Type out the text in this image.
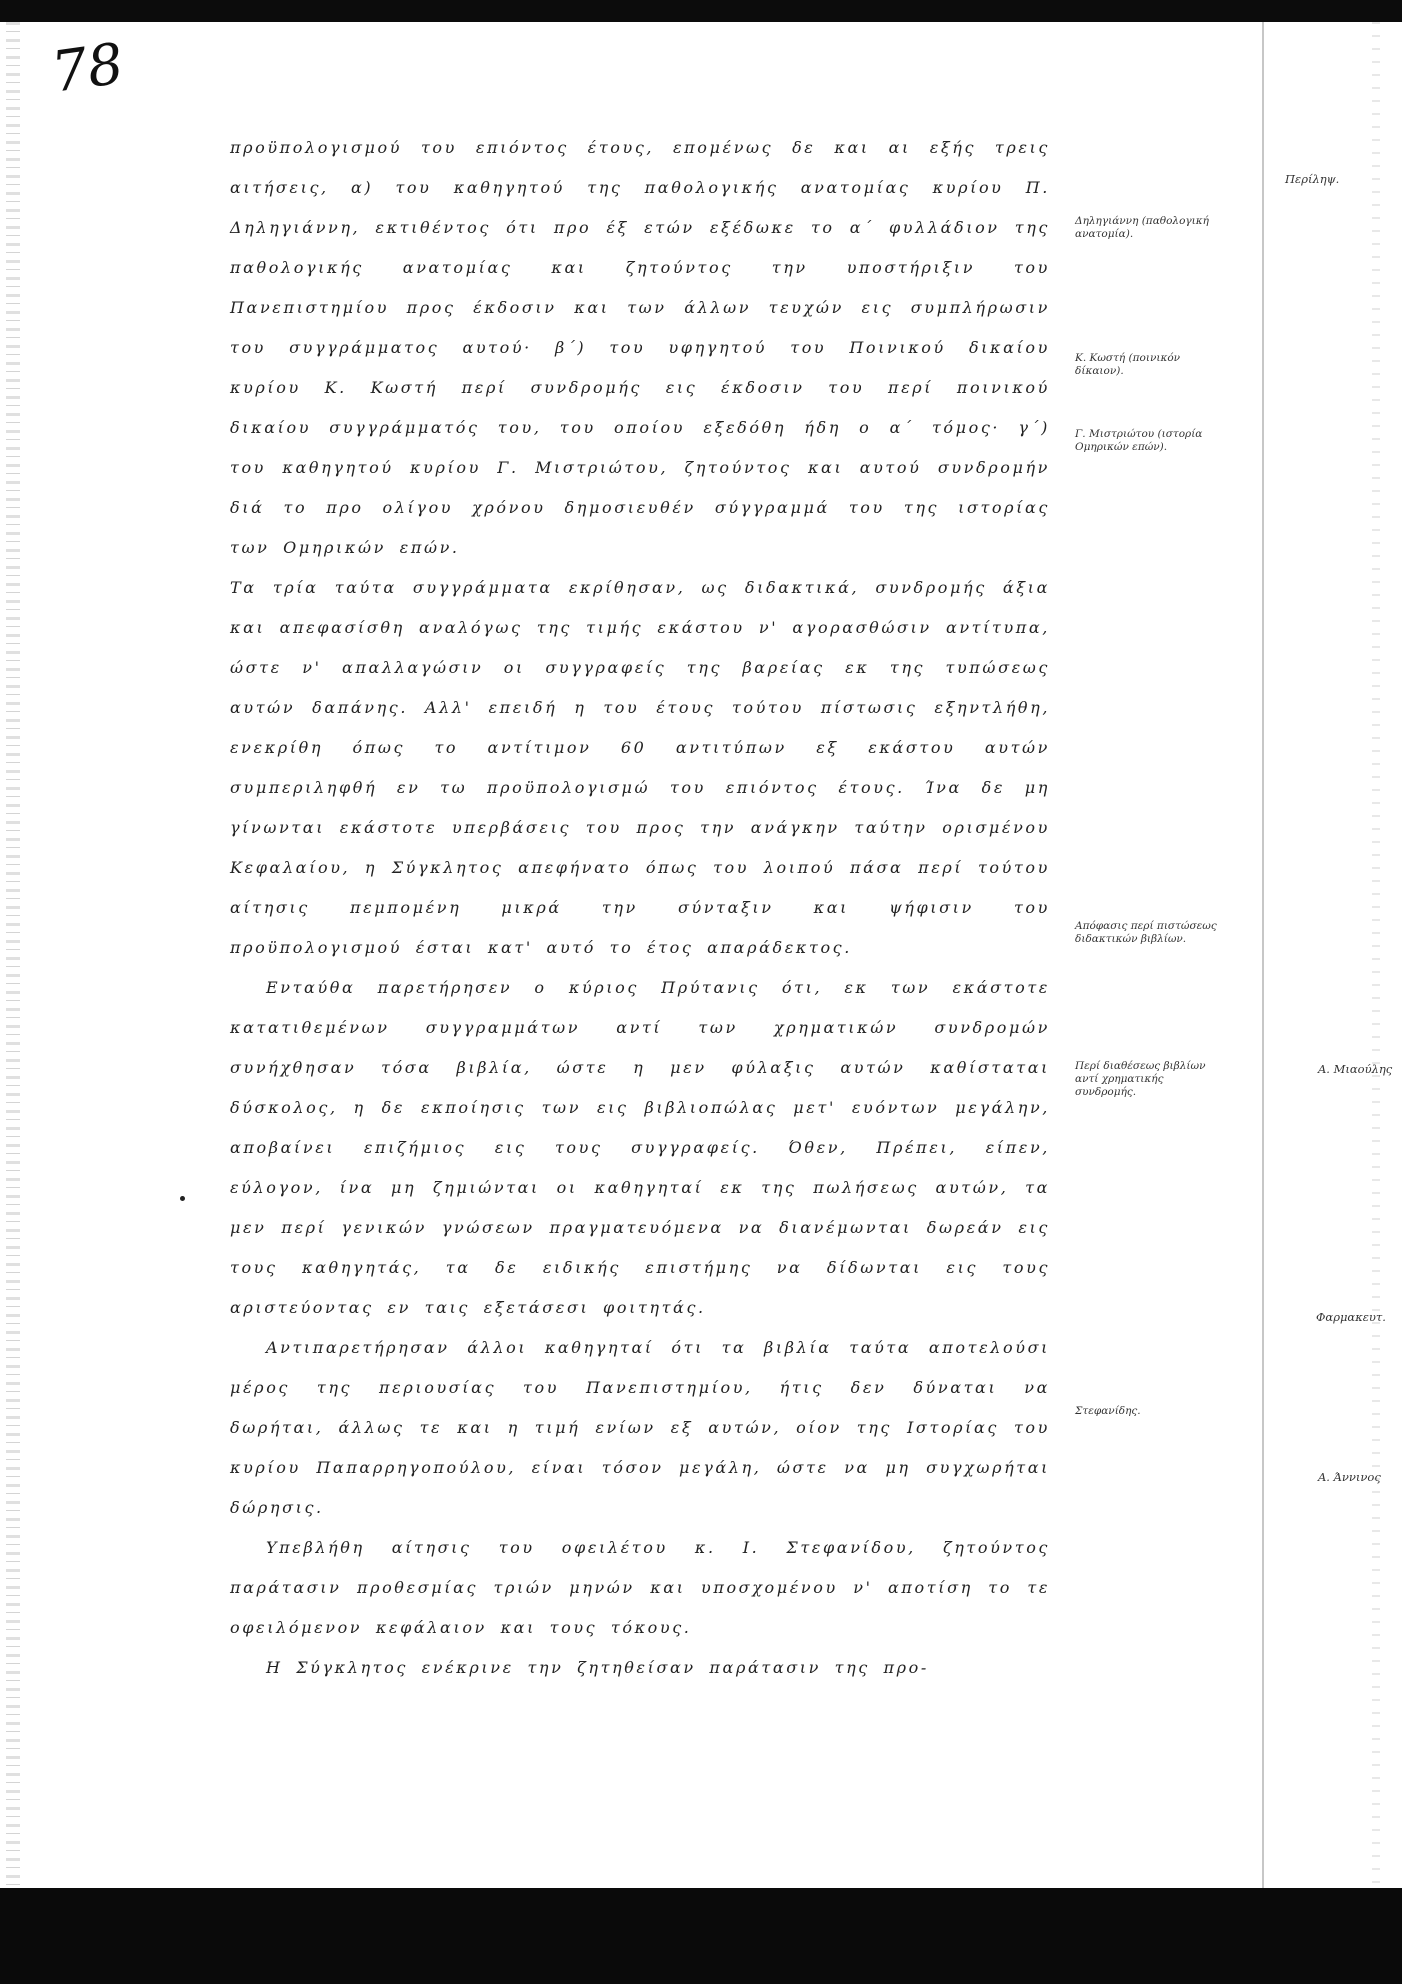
78

προϋπολογισμού του επιόντος έτους, επομένως δε και αι εξής τρεις αιτήσεις, α) του καθηγητού της παθολογικής ανατομίας κυρίου Π. Δηληγιάννη, εκτιθέντος ότι προ έξ ετών εξέδωκε το α΄ φυλλάδιον της παθολογικής ανατομίας και ζητούντος την υποστήριξιν του Πανεπιστημίου προς έκδοσιν και των άλλων τευχών εις συμπλήρωσιν του συγγράμματος αυτού· β΄) του υφηγητού του Ποινικού δικαίου κυρίου Κ. Κωστή περί συνδρομής εις έκδοσιν του περί ποινικού δικαίου συγγράμματός του, του οποίου εξεδόθη ήδη ο α΄ τόμος· γ΄) του καθηγητού κυρίου Γ. Μιστριώτου, ζητούντος και αυτού συνδρομήν διά το προ ολίγου χρόνου δημοσιευθέν σύγγραμμά του της ιστορίας των Ομηρικών επών.

Τα τρία ταύτα συγγράμματα εκρίθησαν, ως διδακτικά, συνδρομής άξια και απεφασίσθη αναλόγως της τιμής εκάστου ν' αγορασθώσιν αντίτυπα, ώστε ν' απαλλαγώσιν οι συγγραφείς της βαρείας εκ της τυπώσεως αυτών δαπάνης. Αλλ' επειδή η του έτους τούτου πίστωσις εξηντλήθη, ενεκρίθη όπως το αντίτιμον 60 αντιτύπων εξ εκάστου αυτών συμπεριληφθή εν τω προϋπολογισμώ του επιόντος έτους. Ίνα δε μη γίνωνται εκάστοτε υπερβάσεις του προς την ανάγκην ταύτην ορισμένου Κεφαλαίου, η Σύγκλητος απεφήνατο όπως του λοιπού πάσα περί τούτου αίτησις πεμπομένη μικρά την σύνταξιν και ψήφισιν του προϋπολογισμού έσται κατ' αυτό το έτος απαράδεκτος.

Ενταύθα παρετήρησεν ο κύριος Πρύτανις ότι, εκ των εκάστοτε κατατιθεμένων συγγραμμάτων αντί των χρηματικών συνδρομών συνήχθησαν τόσα βιβλία, ώστε η μεν φύλαξις αυτών καθίσταται δύσκολος, η δε εκποίησις των εις βιβλιοπώλας μετ' ευόντων μεγάλην, αποβαίνει επιζήμιος εις τους συγγραφείς. Όθεν, Πρέπει, είπεν, εύλογον, ίνα μη ζημιώνται οι καθηγηταί εκ της πωλήσεως αυτών, τα μεν περί γενικών γνώσεων πραγματευόμενα να διανέμωνται δωρεάν εις τους καθηγητάς, τα δε ειδικής επιστήμης να δίδωνται εις τους αριστεύοντας εν ταις εξετάσεσι φοιτητάς.

Αντιπαρετήρησαν άλλοι καθηγηταί ότι τα βιβλία ταύτα αποτελούσι μέρος της περιουσίας του Πανεπιστημίου, ήτις δεν δύναται να δωρήται, άλλως τε και η τιμή ενίων εξ αυτών, οίον της Ιστορίας του κυρίου Παπαρρηγοπούλου, είναι τόσον μεγάλη, ώστε να μη συγχωρήται δώρησις.

Υπεβλήθη αίτησις του οφειλέτου κ. Ι. Στεφανίδου, ζητούντος παράτασιν προθεσμίας τριών μηνών και υποσχομένου ν' αποτίση το τε οφειλόμενον κεφάλαιον και τους τόκους.

Η Σύγκλητος ενέκρινε την ζητηθείσαν παράτασιν της προ-

Δηληγιάννη (παθολογική ανατομία).
Κ. Κωστή (ποινικόν δίκαιον).
Γ. Μιστριώτου (ιστορία Ομηρικών επών).
Απόφασις περί πιστώσεως διδακτικών βιβλίων.
Περί διαθέσεως βιβλίων αντί χρηματικής συνδρομής.
Στεφανίδης.
Περίληψ.
Α. Μιαούλης
Φαρμακευτ.
Α. Άννινος
